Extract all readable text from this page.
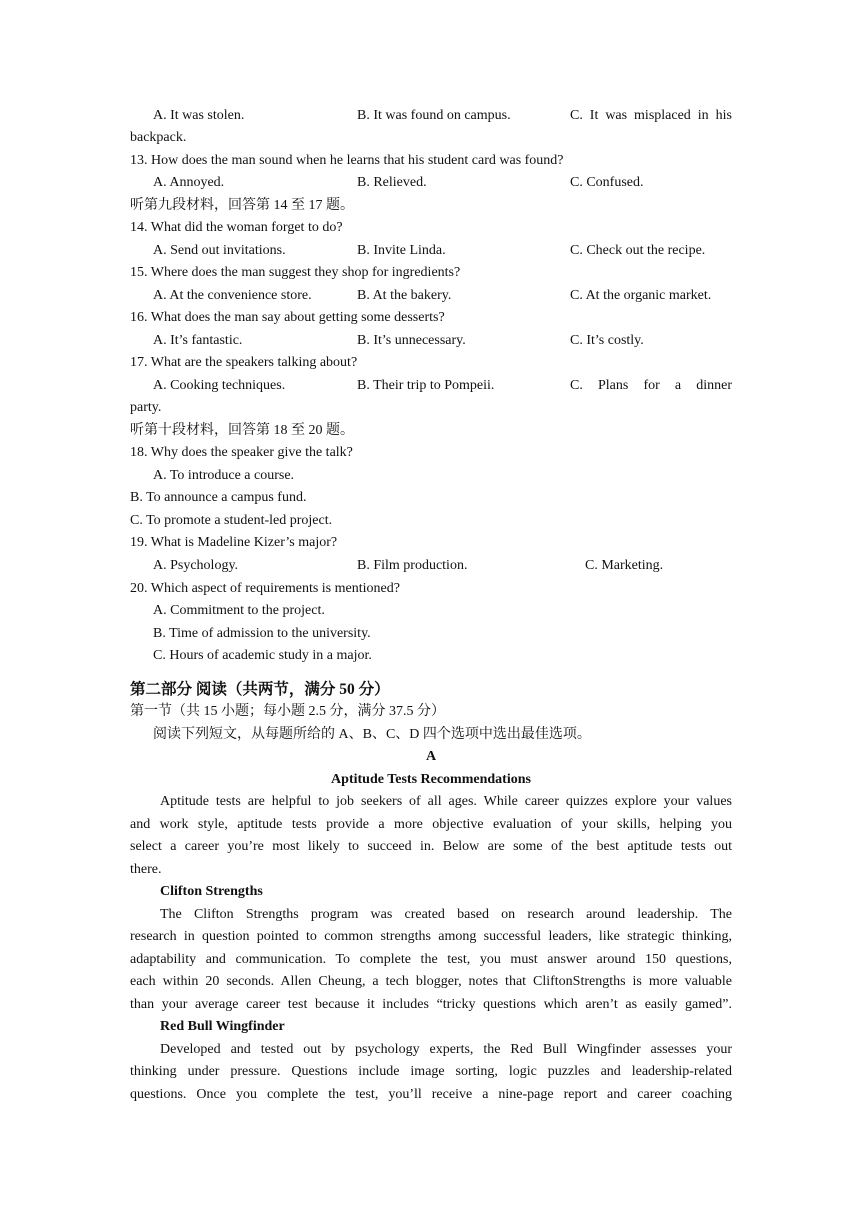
A. It was stolen.	B. It was found on campus.	C. It was misplaced in his
backpack.
13. How does the man sound when he learns that his student card was found?
A. Annoyed.	B. Relieved.	C. Confused.
听第九段材料，回答第 14 至 17 题。
14. What did the woman forget to do?
A. Send out invitations.	B. Invite Linda.	C. Check out the recipe.
15. Where does the man suggest they shop for ingredients?
A. At the convenience store.	B. At the bakery.	C. At the organic market.
16. What does the man say about getting some desserts?
A. It’s fantastic.	B. It’s unnecessary.	C. It’s costly.
17. What are the speakers talking about?
A. Cooking techniques.	B. Their trip to Pompeii.	C. Plans for a dinner
party.
听第十段材料，回答第 18 至 20 题。
18. Why does the speaker give the talk?
A. To introduce a course.
B. To announce a campus fund.
C. To promote a student-led project.
19. What is Madeline Kizer’s major?
A. Psychology.	B. Film production.	C. Marketing.
20. Which aspect of requirements is mentioned?
A. Commitment to the project.
B. Time of admission to the university.
C. Hours of academic study in a major.
第二部分 阅读（共两节，满分 50 分）
第一节（共 15 小题；每小题 2.5 分，满分 37.5 分）
阅读下列短文，从每题所给的 A、B、C、D 四个选项中选出最佳选项。
A
Aptitude Tests Recommendations
Aptitude tests are helpful to job seekers of all ages. While career quizzes explore your values
and work style, aptitude tests provide a more objective evaluation of your skills, helping you
select a career you’re most likely to succeed in. Below are some of the best aptitude tests out
there.
Clifton Strengths
The Clifton Strengths program was created based on research around leadership. The
research in question pointed to common strengths among successful leaders, like strategic thinking,
adaptability and communication. To complete the test, you must answer around 150 questions,
each within 20 seconds. Allen Cheung, a tech blogger, notes that CliftonStrengths is more valuable
than your average career test because it includes “tricky questions which aren’t as easily gamed”.
Red Bull Wingfinder
Developed and tested out by psychology experts, the Red Bull Wingfinder assesses your
thinking under pressure. Questions include image sorting, logic puzzles and leadership-related
questions. Once you complete the test, you’ll receive a nine-page report and career coaching
